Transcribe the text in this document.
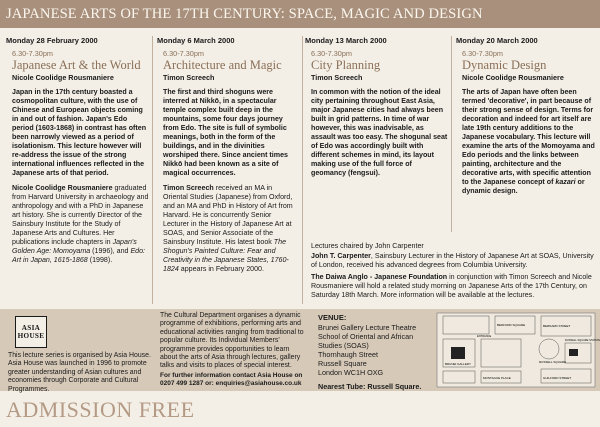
JAPANESE ARTS OF THE 17TH CENTURY: SPACE, MAGIC AND DESIGN
Monday 28 February 2000
6.30-7.30pm
Japanese Art & the World
Nicole Coolidge Rousmaniere
Japan in the 17th century boasted a cosmopolitan culture, with the use of Chinese and European objects coming in and out of fashion. Japan's Edo period (1603-1868) in contrast has often been narrowly viewed as a period of isolationism. This lecture however will re-address the issue of the strong international influences reflected in the Japanese arts of that period.
Nicole Coolidge Rousmaniere graduated from Harvard University in archaeology and anthropology and with a PhD in Japanese art history. She is currently Director of the Sainsbury Institute for the Study of Japanese Arts and Cultures. Her publications include chapters in Japan's Golden Age: Momoyama (1996), and Edo: Art in Japan, 1615-1868 (1998).
Monday 6 March 2000
6.30-7.30pm
Architecture and Magic
Timon Screech
The first and third shoguns were interred at Nikkō, in a spectacular temple complex built deep in the mountains, some four days journey from Edo. The site is full of symbolic meanings, both in the form of the buildings, and in the divinities worshiped there. Since ancient times Nikkō had been known as a site of magical occurrences.
Timon Screech received an MA in Oriental Studies (Japanese) from Oxford, and an MA and PhD in History of Art from Harvard. He is concurrently Senior Lecturer in the History of Japanese Art at SOAS, and Senior Associate of the Sainsbury Institute. His latest book The Shogun's Painted Culture: Fear and Creativity in the Japanese States, 1760-1824 appears in February 2000.
Monday 13 March 2000
6.30-7.30pm
City Planning
Timon Screech
In common with the notion of the ideal city pertaining throughout East Asia, major Japanese cities had always been built in grid patterns. In time of war however, this was inadvisable, as assault was too easy. The shogunal seat of Edo was accordingly built with different schemes in mind, its layout making use of the full force of geomancy (fengsui).
Monday 20 March 2000
6.30-7.30pm
Dynamic Design
Nicole Coolidge Rousmaniere
The arts of Japan have often been termed 'decorative', in part because of their strong sense of design. Terms for decoration and indeed for art itself are late 19th century additions to the Japanese vocabulary. This lecture will examine the arts of the Momoyama and Edo periods and the links between painting, architecture and the decorative arts, with specific attention to the Japanese concept of kazari or dynamic design.
Lectures chaired by John Carpenter
John T. Carpenter, Sainsbury Lecturer in the History of Japanese Art at SOAS, University of London, received his advanced degrees from Columbia University.
The Daiwa Anglo - Japanese Foundation in conjunction with Timon Screech and Nicole Rousmaniere will hold a related study morning on Japanese Arts of the 17th Century, on Saturday 18th March. More information will be available at the lectures.
ASIA
HOUSE
This lecture series is organised by Asia House. Asia House was launched in 1996 to promote greater understanding of Asian cultures and economies through Corporate and Cultural Programmes.
The Cultural Department organises a dynamic programme of exhibitions, performing arts and educational activities ranging from traditional to popular culture. Its Individual Members' programme provides opportunities to learn about the arts of Asia through lectures, gallery talks and visits to places of special interest.
For further information contact Asia House on 0207 499 1287 or: enquiries@asiahouse.co.uk
VENUE:
Brunei Gallery Lecture Theatre
School of Oriental and African Studies (SOAS)
Thornhaugh Street
Russell Square
London WC1H OXG
Nearest Tube: Russell Square.
BRUNEI GALLERY	RUSSELL SQUARE
BEDFORD SQUARE
RUSSELL SQUARE STATION
MONTAGUE PLACE
ENTRANCE
GUILFORD STREET
BERNARD STREET
ADMISSION FREE
